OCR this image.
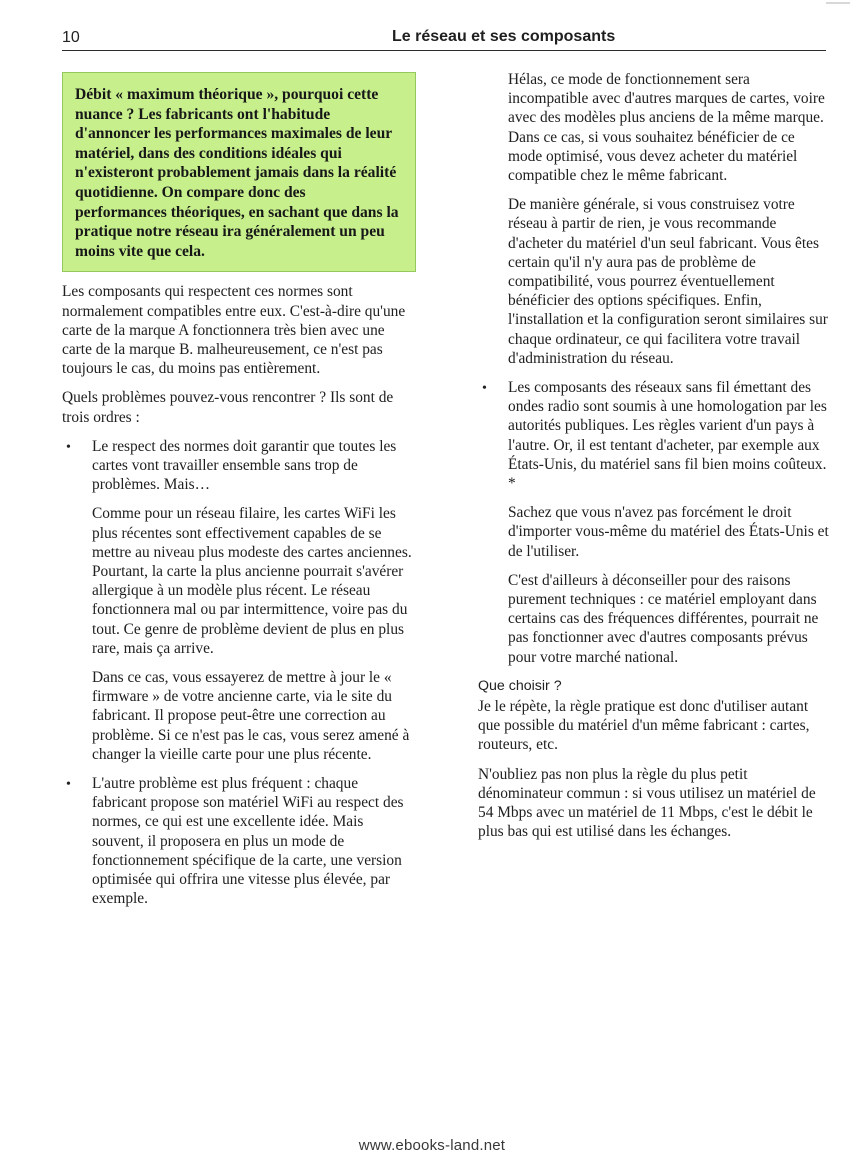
10	Le réseau et ses composants
Débit « maximum théorique », pourquoi cette nuance ? Les fabricants ont l'habitude d'annoncer les performances maximales de leur matériel, dans des conditions idéales qui n'existeront probablement jamais dans la réalité quotidienne. On compare donc des performances théoriques, en sachant que dans la pratique notre réseau ira généralement un peu moins vite que cela.

Les composants qui respectent ces normes sont normalement compatibles entre eux. C'est-à-dire qu'une carte de la marque A fonctionnera très bien avec une carte de la marque B. malheureusement, ce n'est pas toujours le cas, du moins pas entièrement.

Quels problèmes pouvez-vous rencontrer ? Ils sont de trois ordres :

• Le respect des normes doit garantir que toutes les cartes vont travailler ensemble sans trop de problèmes. Mais…

Comme pour un réseau filaire, les cartes WiFi les plus récentes sont effectivement capables de se mettre au niveau plus modeste des cartes anciennes. Pourtant, la carte la plus ancienne pourrait s'avérer allergique à un modèle plus récent. Le réseau fonctionnera mal ou par intermittence, voire pas du tout. Ce genre de problème devient de plus en plus rare, mais ça arrive.

Dans ce cas, vous essayerez de mettre à jour le « firmware » de votre ancienne carte, via le site du fabricant. Il propose peut-être une correction au problème. Si ce n'est pas le cas, vous serez amené à changer la vieille carte pour une plus récente.

• L'autre problème est plus fréquent : chaque fabricant propose son matériel WiFi au respect des normes, ce qui est une excellente idée. Mais souvent, il proposera en plus un mode de fonctionnement spécifique de la carte, une version optimisée qui offrira une vitesse plus élevée, par exemple.

Hélas, ce mode de fonctionnement sera incompatible avec d'autres marques de cartes, voire avec des modèles plus anciens de la même marque. Dans ce cas, si vous souhaitez bénéficier de ce mode optimisé, vous devez acheter du matériel compatible chez le même fabricant.

De manière générale, si vous construisez votre réseau à partir de rien, je vous recommande d'acheter du matériel d'un seul fabricant. Vous êtes certain qu'il n'y aura pas de problème de compatibilité, vous pourrez éventuellement bénéficier des options spécifiques. Enfin, l'installation et la configuration seront similaires sur chaque ordinateur, ce qui facilitera votre travail d'administration du réseau.

• Les composants des réseaux sans fil émettant des ondes radio sont soumis à une homologation par les autorités publiques. Les règles varient d'un pays à l'autre. Or, il est tentant d'acheter, par exemple aux États-Unis, du matériel sans fil bien moins coûteux. *

Sachez que vous n'avez pas forcément le droit d'importer vous-même du matériel des États-Unis et de l'utiliser.

C'est d'ailleurs à déconseiller pour des raisons purement techniques : ce matériel employant dans certains cas des fréquences différentes, pourrait ne pas fonctionner avec d'autres composants prévus pour votre marché national.

Que choisir ?

Je le répète, la règle pratique est donc d'utiliser autant que possible du matériel d'un même fabricant : cartes, routeurs, etc.

N'oubliez pas non plus la règle du plus petit dénominateur commun : si vous utilisez un matériel de 54 Mbps avec un matériel de 11 Mbps, c'est le débit le plus bas qui est utilisé dans les échanges.

www.ebooks-land.net
